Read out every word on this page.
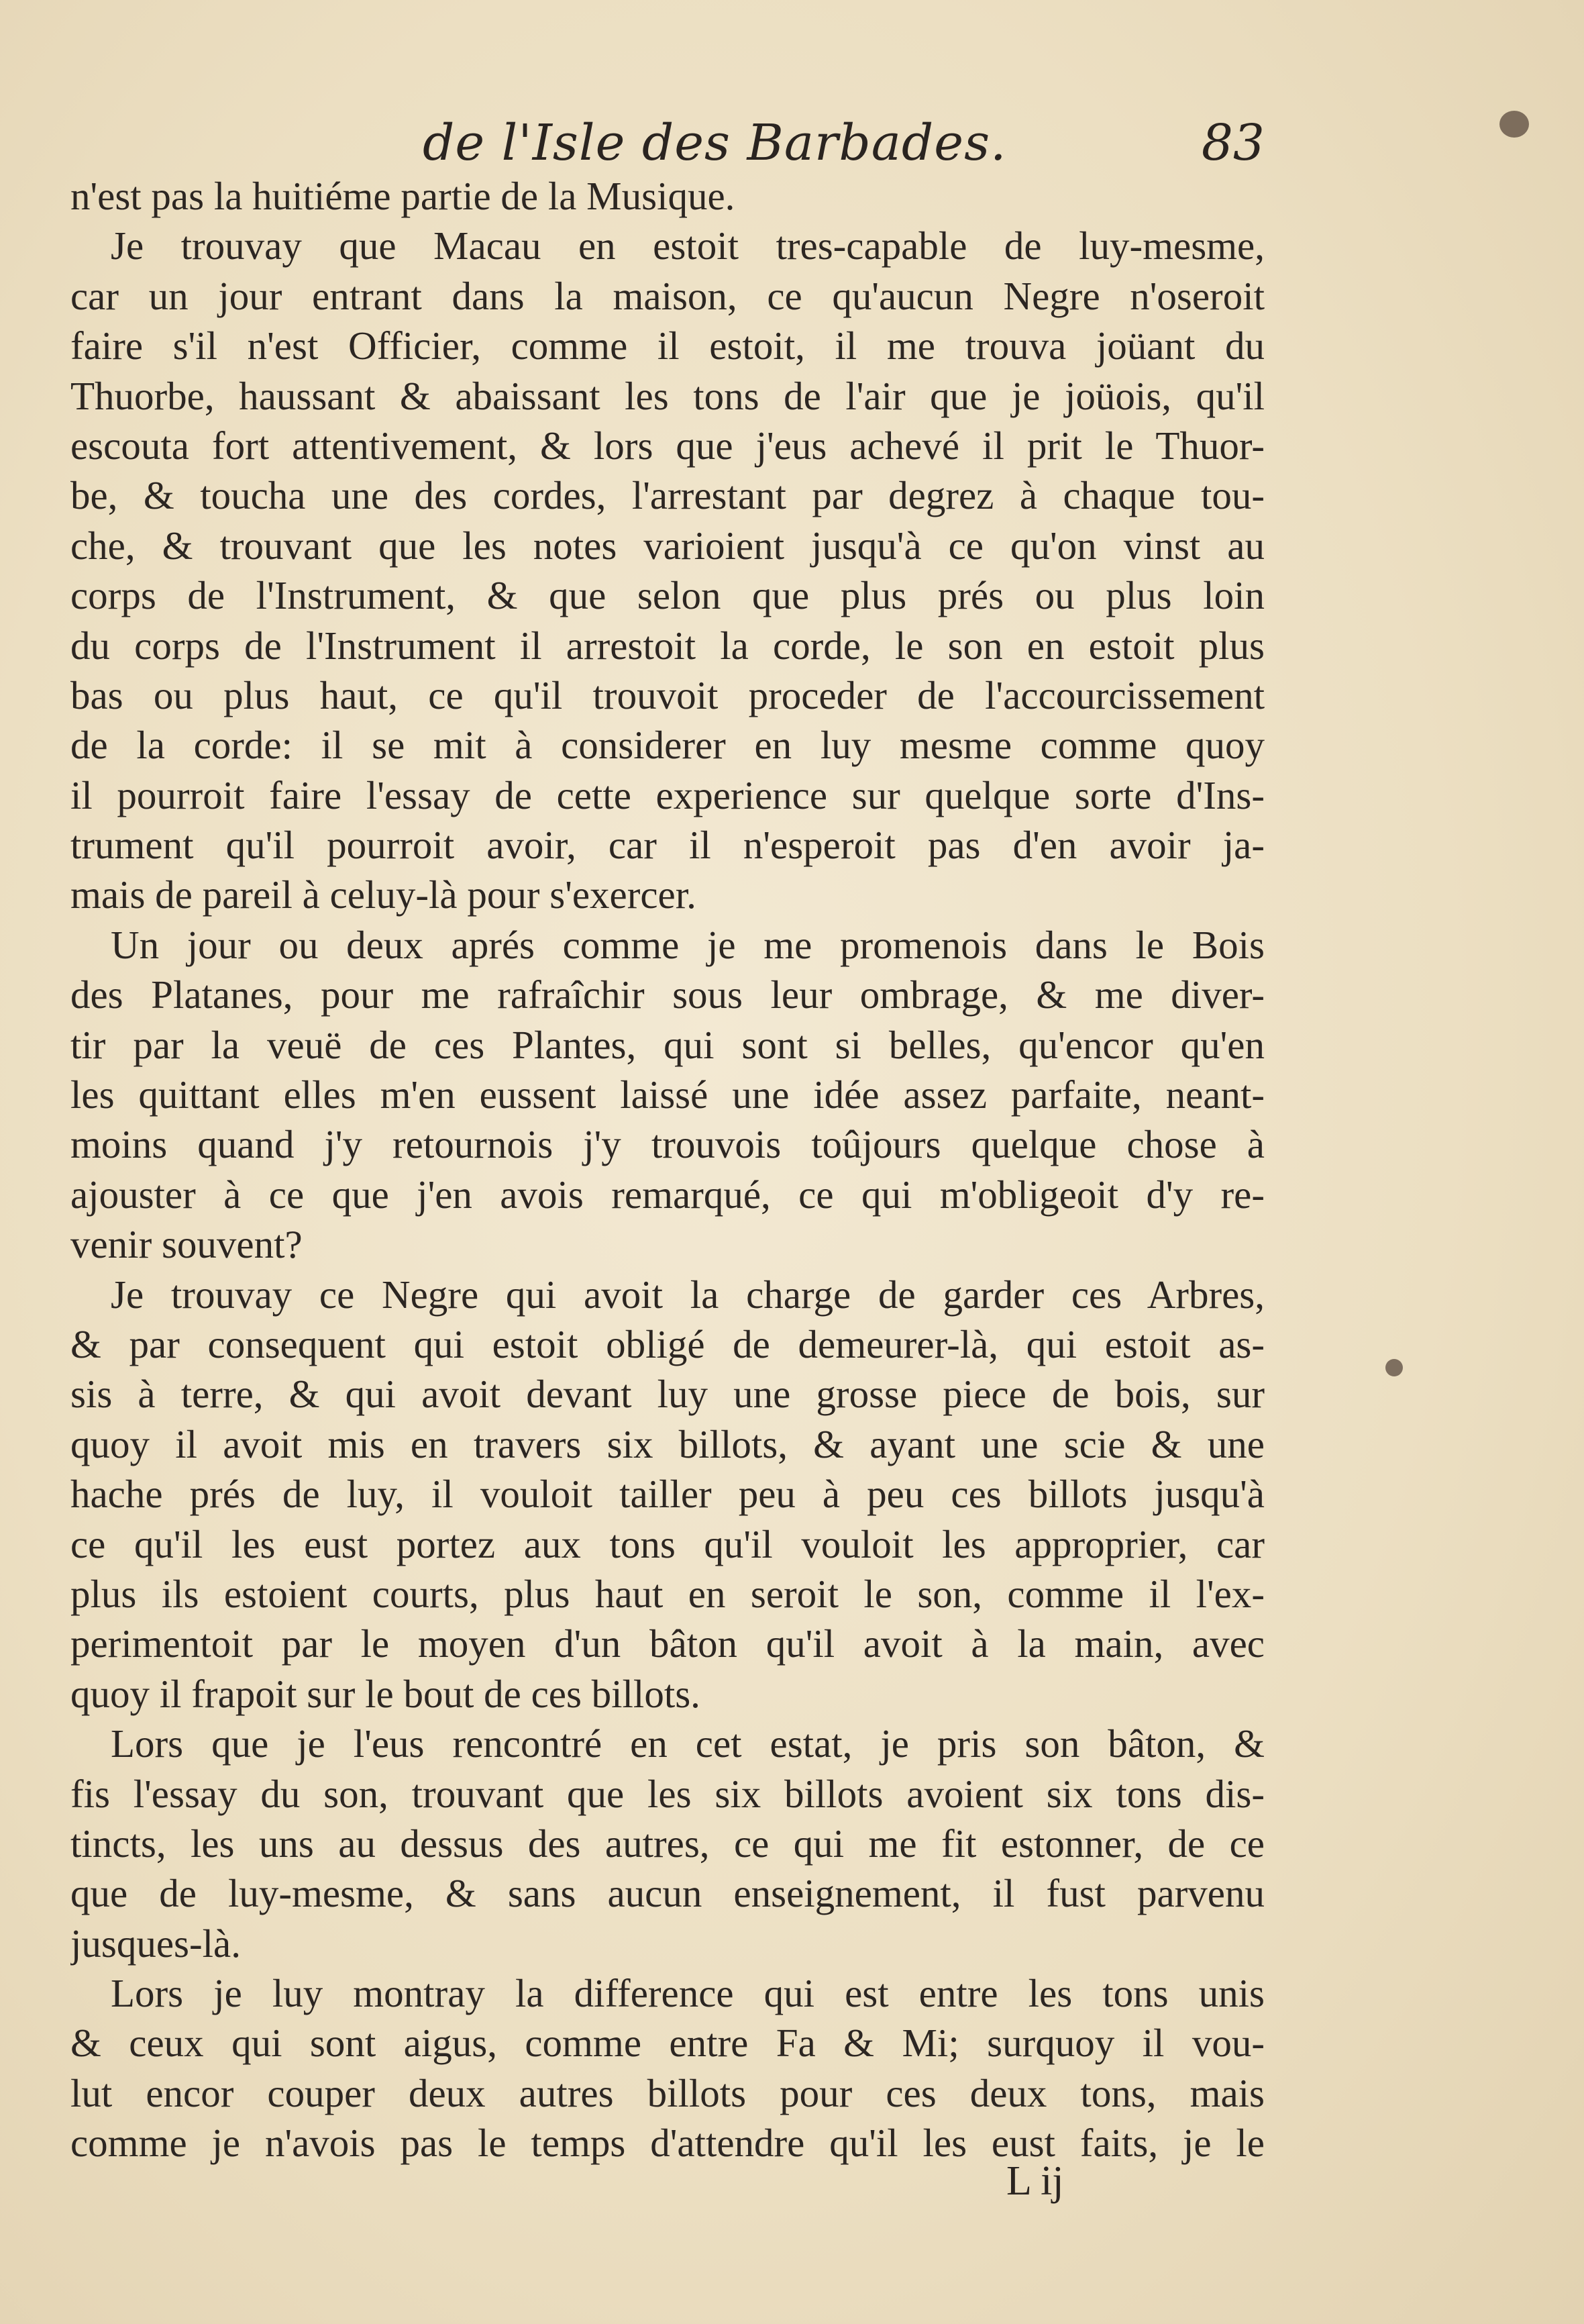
de l'Isle des Barbades.	83
n'est pas la huitiéme partie de la Musique.
Je trouvay que Macau en estoit tres-capable de luy-mesme,
car un jour entrant dans la maison, ce qu'aucun Negre n'oseroit
faire s'il n'est Officier, comme il estoit, il me trouva joüant du
Thuorbe, haussant & abaissant les tons de l'air que je joüois, qu'il
escouta fort attentivement, & lors que j'eus achevé il prit le Thuor-
be, & toucha une des cordes, l'arrestant par degrez à chaque tou-
che, & trouvant que les notes varioient jusqu'à ce qu'on vinst au
corps de l'Instrument, & que selon que plus prés ou plus loin
du corps de l'Instrument il arrestoit la corde, le son en estoit plus
bas ou plus haut, ce qu'il trouvoit proceder de l'accourcissement
de la corde: il se mit à considerer en luy mesme comme quoy
il pourroit faire l'essay de cette experience sur quelque sorte d'Ins-
trument qu'il pourroit avoir, car il n'esperoit pas d'en avoir ja-
mais de pareil à celuy-là pour s'exercer.
Un jour ou deux aprés comme je me promenois dans le Bois
des Platanes, pour me rafraîchir sous leur ombrage, & me diver-
tir par la veuë de ces Plantes, qui sont si belles, qu'encor qu'en
les quittant elles m'en eussent laissé une idée assez parfaite, neant-
moins quand j'y retournois j'y trouvois toûjours quelque chose à
ajouster à ce que j'en avois remarqué, ce qui m'obligeoit d'y re-
venir souvent?
Je trouvay ce Negre qui avoit la charge de garder ces Arbres,
& par consequent qui estoit obligé de demeurer-là, qui estoit as-
sis à terre, & qui avoit devant luy une grosse piece de bois, sur
quoy il avoit mis en travers six billots, & ayant une scie & une
hache prés de luy, il vouloit tailler peu à peu ces billots jusqu'à
ce qu'il les eust portez aux tons qu'il vouloit les approprier, car
plus ils estoient courts, plus haut en seroit le son, comme il l'ex-
perimentoit par le moyen d'un bâton qu'il avoit à la main, avec
quoy il frapoit sur le bout de ces billots.
Lors que je l'eus rencontré en cet estat, je pris son bâton, &
fis l'essay du son, trouvant que les six billots avoient six tons dis-
tincts, les uns au dessus des autres, ce qui me fit estonner, de ce
que de luy-mesme, & sans aucun enseignement, il fust parvenu
jusques-là.
Lors je luy montray la difference qui est entre les tons unis
& ceux qui sont aigus, comme entre Fa & Mi; surquoy il vou-
lut encor couper deux autres billots pour ces deux tons, mais
comme je n'avois pas le temps d'attendre qu'il les eust faits, je le
L ij
